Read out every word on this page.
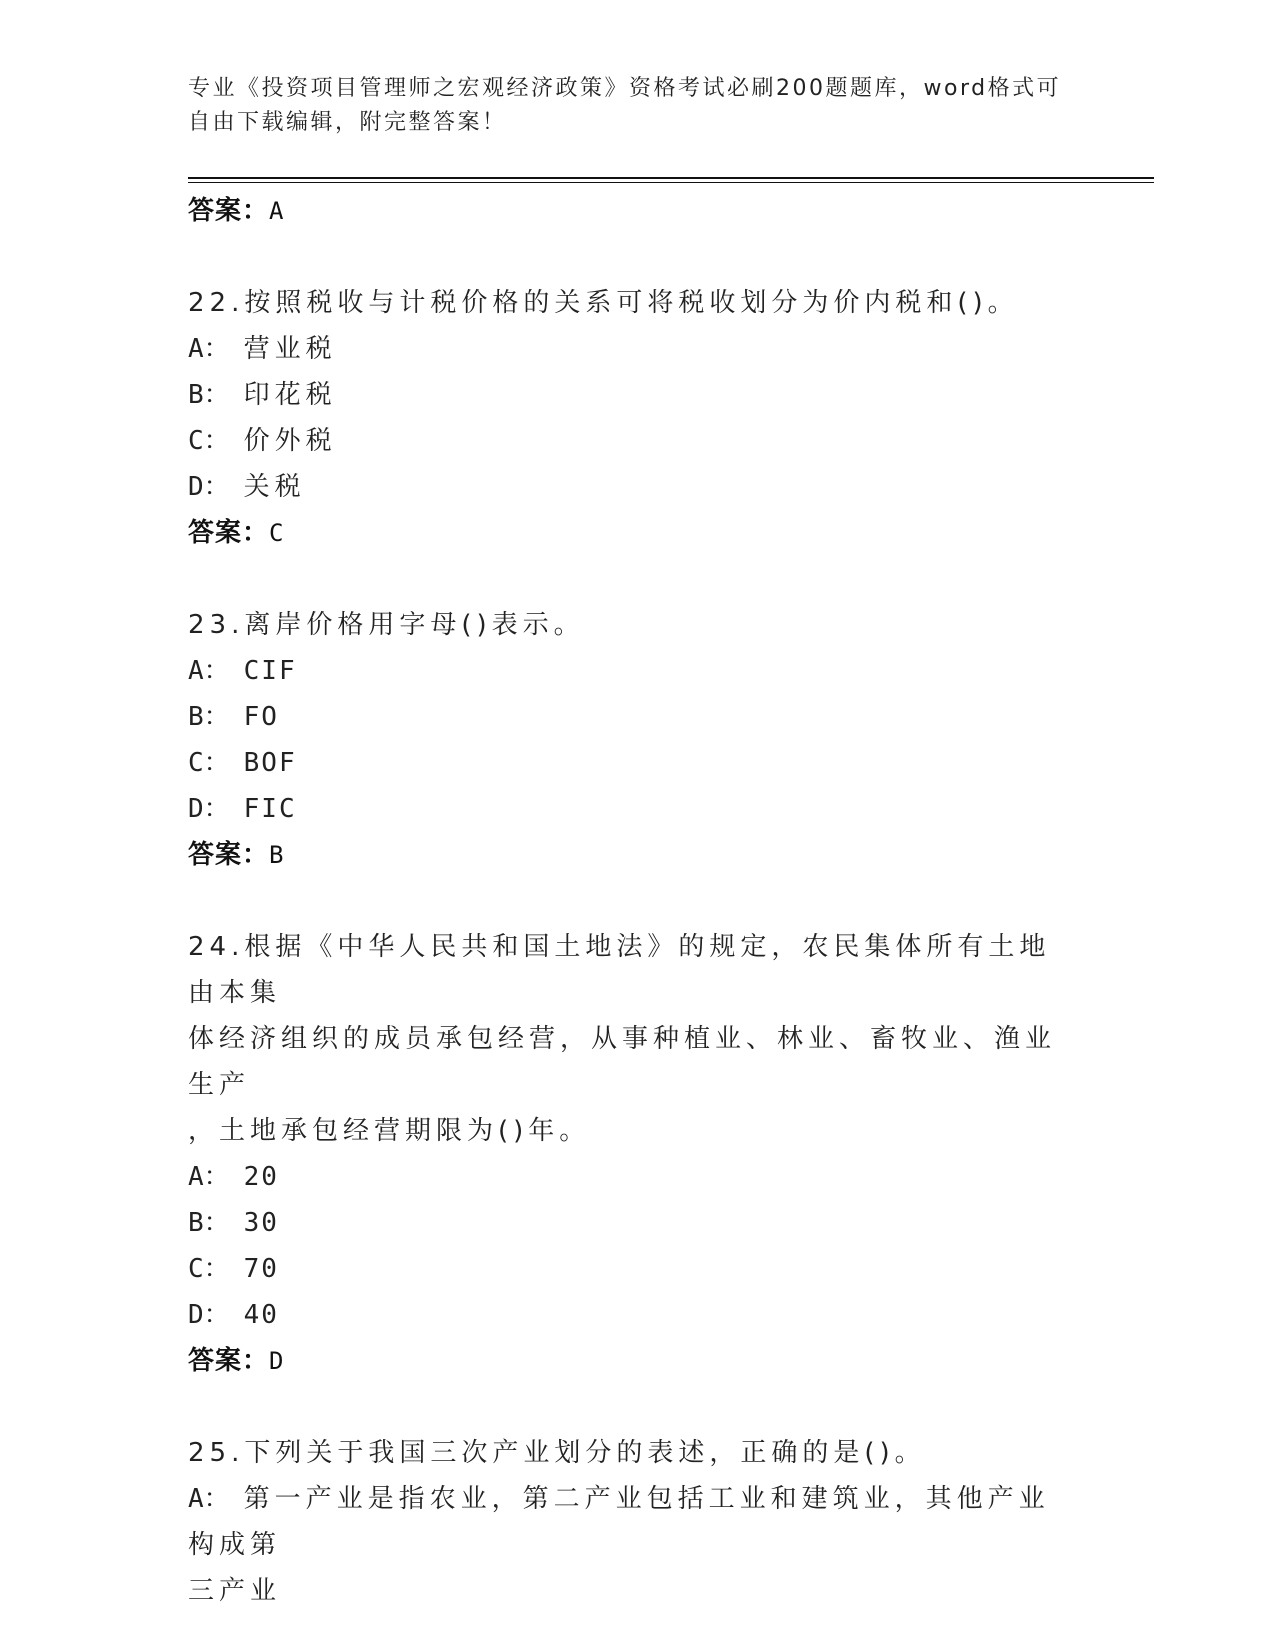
专业《投资项目管理师之宏观经济政策》资格考试必刷200题题库，word格式可
自由下载编辑，附完整答案！
答案：A
22.按照税收与计税价格的关系可将税收划分为价内税和()。
A： 营业税
B： 印花税
C： 价外税
D： 关税
答案：C
23.离岸价格用字母()表示。
A： CIF
B： FO
C： BOF
D： FIC
答案：B
24.根据《中华人民共和国土地法》的规定，农民集体所有土地由本集
体经济组织的成员承包经营，从事种植业、林业、畜牧业、渔业生产
，土地承包经营期限为()年。
A： 20
B： 30
C： 70
D： 40
答案：D
25.下列关于我国三次产业划分的表述，正确的是()。
A： 第一产业是指农业，第二产业包括工业和建筑业，其他产业构成第
三产业
